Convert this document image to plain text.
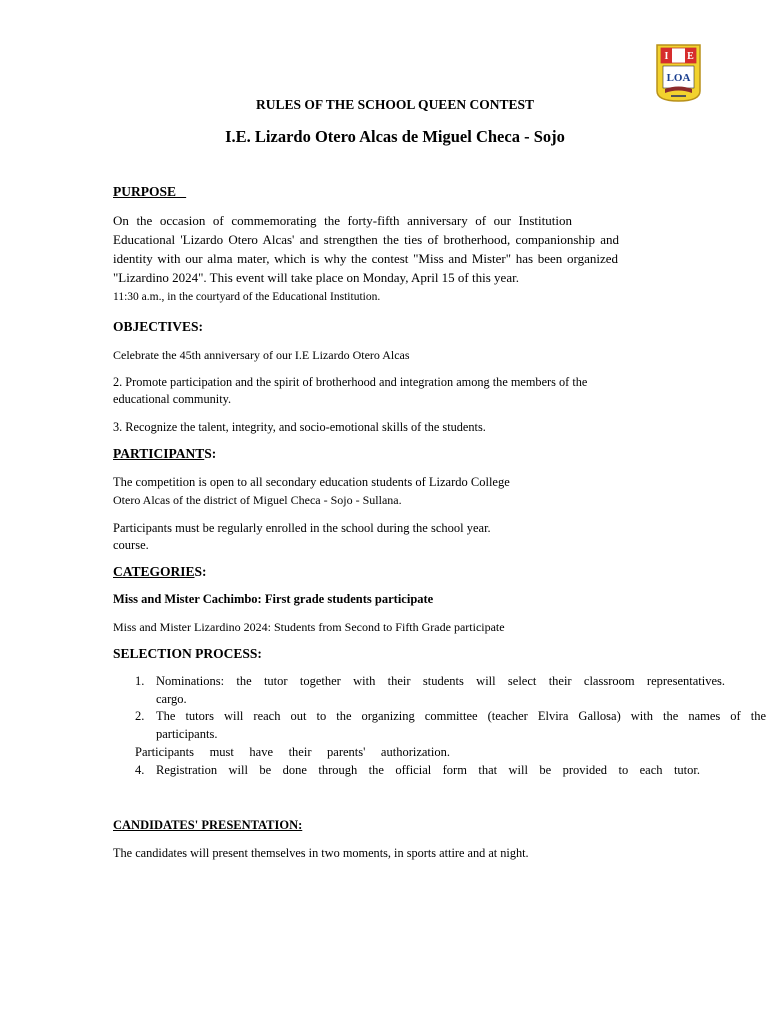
I E
LOA
RULES OF THE SCHOOL QUEEN CONTEST
I.E. Lizardo Otero Alcas de Miguel Checa - Sojo
PURPOSE
On the occasion of commemorating the forty-fifth anniversary of our Institution
Educational 'Lizardo Otero Alcas' and strengthen the ties of brotherhood, companionship and
identity with our alma mater, which is why the contest "Miss and Mister" has been organized
"Lizardino 2024". This event will take place on Monday, April 15 of this year.
11:30 a.m., in the courtyard of the Educational Institution.
OBJECTIVES:
Celebrate the 45th anniversary of our I.E Lizardo Otero Alcas
2. Promote participation and the spirit of brotherhood and integration among the members of the
educational community.
3. Recognize the talent, integrity, and socio-emotional skills of the students.
PARTICIPANTS:
The competition is open to all secondary education students of Lizardo College
Otero Alcas of the district of Miguel Checa - Sojo - Sullana.
Participants must be regularly enrolled in the school during the school year.
course.
CATEGORIES:
Miss and Mister Cachimbo: First grade students participate
Miss and Mister Lizardino 2024: Students from Second to Fifth Grade participate
SELECTION PROCESS:
1. Nominations: the tutor together with their students will select their classroom representatives.
cargo.
2. The tutors will reach out to the organizing committee (teacher Elvira Gallosa) with the names of the
participants.
Participants must have their parents' authorization.
4. Registration will be done through the official form that will be provided to each tutor.
CANDIDATES' PRESENTATION:
The candidates will present themselves in two moments, in sports attire and at night.
